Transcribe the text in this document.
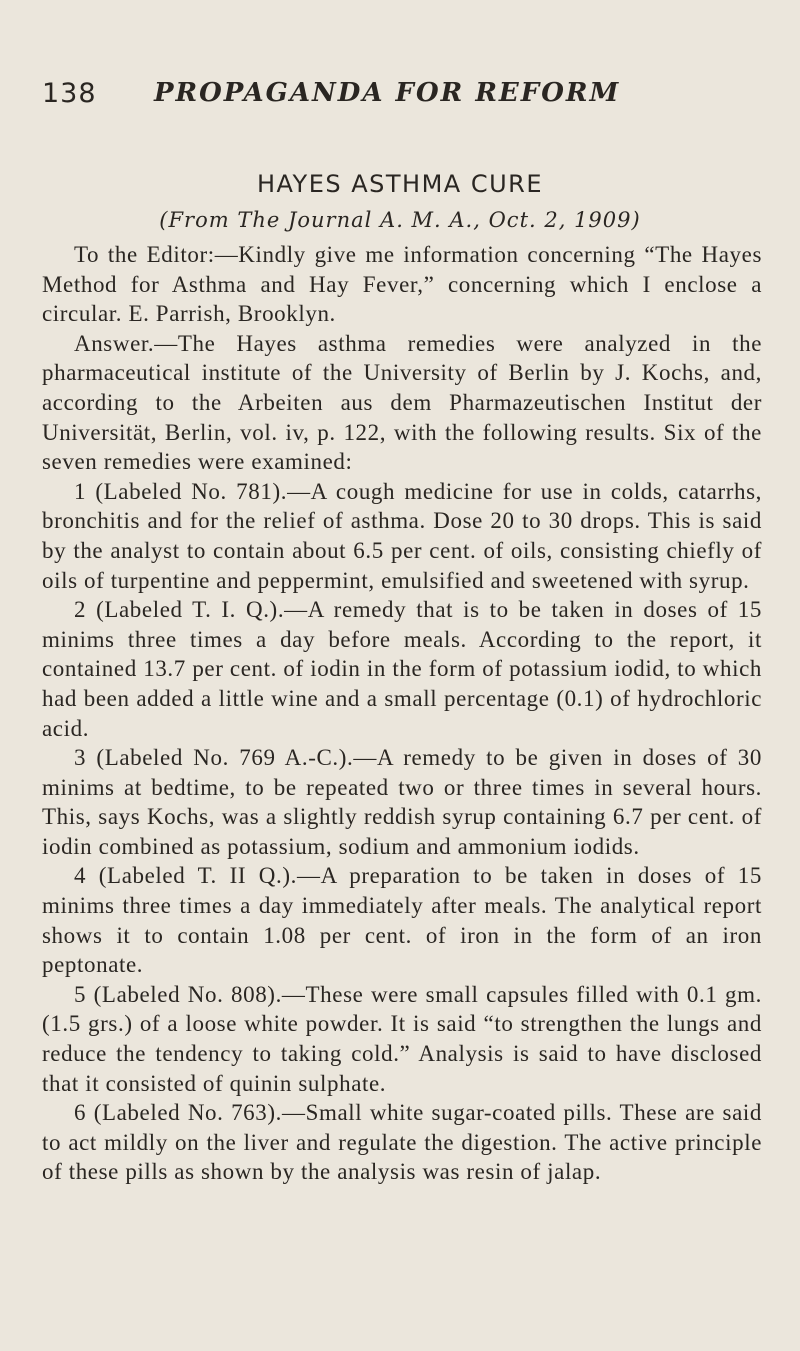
138 PROPAGANDA FOR REFORM
HAYES ASTHMA CURE
(From The Journal A. M. A., Oct. 2, 1909)

To the Editor:—Kindly give me information concerning “The Hayes Method for Asthma and Hay Fever,” concerning which I enclose a circular. E. Parrish, Brooklyn.

Answer.—The Hayes asthma remedies were analyzed in the pharmaceutical institute of the University of Berlin by J. Kochs, and, according to the Arbeiten aus dem Pharmazeutischen Institut der Universität, Berlin, vol. iv, p. 122, with the following results. Six of the seven remedies were examined:

1 (Labeled No. 781).—A cough medicine for use in colds, catarrhs, bronchitis and for the relief of asthma. Dose 20 to 30 drops. This is said by the analyst to contain about 6.5 per cent. of oils, consisting chiefly of oils of turpentine and peppermint, emulsified and sweetened with syrup.

2 (Labeled T. I. Q.).—A remedy that is to be taken in doses of 15 minims three times a day before meals. According to the report, it contained 13.7 per cent. of iodin in the form of potassium iodid, to which had been added a little wine and a small percentage (0.1) of hydrochloric acid.

3 (Labeled No. 769 A.-C.).—A remedy to be given in doses of 30 minims at bedtime, to be repeated two or three times in several hours. This, says Kochs, was a slightly reddish syrup containing 6.7 per cent. of iodin combined as potassium, sodium and ammonium iodids.

4 (Labeled T. II Q.).—A preparation to be taken in doses of 15 minims three times a day immediately after meals. The analytical report shows it to contain 1.08 per cent. of iron in the form of an iron peptonate.

5 (Labeled No. 808).—These were small capsules filled with 0.1 gm. (1.5 grs.) of a loose white powder. It is said “to strengthen the lungs and reduce the tendency to taking cold.” Analysis is said to have disclosed that it consisted of quinin sulphate.

6 (Labeled No. 763).—Small white sugar-coated pills. These are said to act mildly on the liver and regulate the digestion. The active principle of these pills as shown by the analysis was resin of jalap.
